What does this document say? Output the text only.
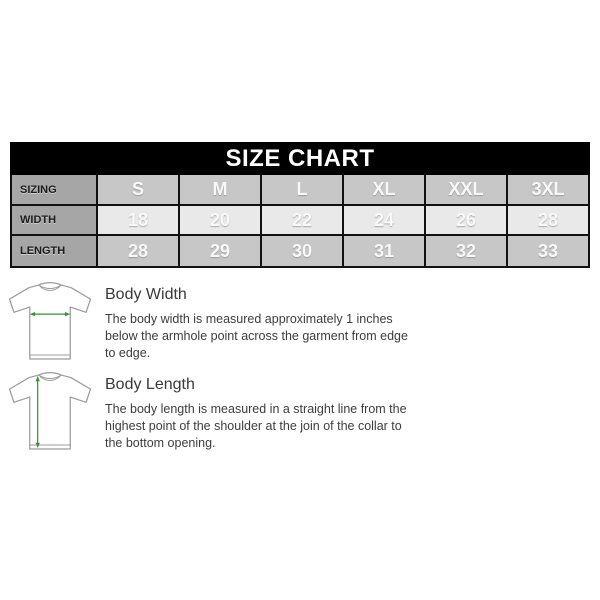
SIZE CHART
SIZING	S	M	L	XL	XXL	3XL
WIDTH	18	20	22	24	26	28
LENGTH	28	29	30	31	32	33
Body Width
The body width is measured approximately 1 inches
below the armhole point across the garment from edge
to edge.
Body Length
The body length is measured in a straight line from the
highest point of the shoulder at the join of the collar to
the bottom opening.
